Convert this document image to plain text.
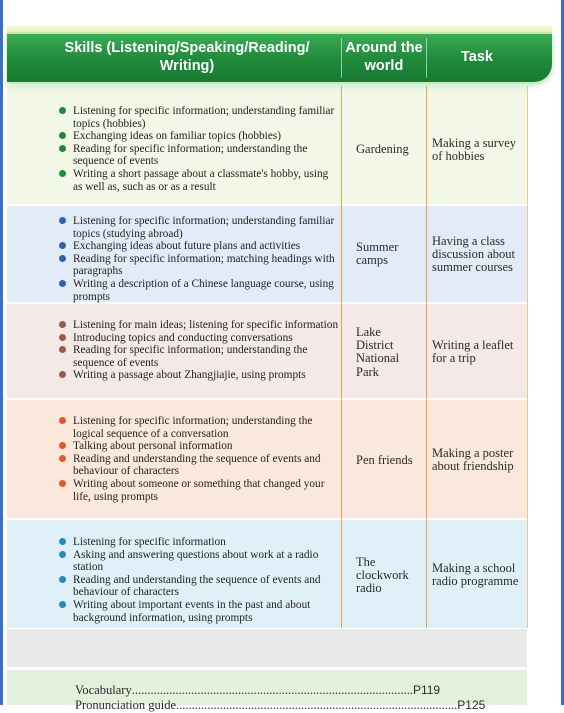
Skills (Listening/Speaking/Reading/ Writing)
Around the world
Task
Listening for specific information; understanding familiar topics (hobbies)
Exchanging ideas on familiar topics (hobbies)
Reading for specific information; understanding the sequence of events
Writing a short passage about a classmate's hobby, using as well as, such as or as a result
Gardening	Making a survey of hobbies
Listening for specific information; understanding familiar topics (studying abroad)
Exchanging ideas about future plans and activities
Reading for specific information; matching headings with paragraphs
Writing a description of a Chinese language course, using prompts
Summer camps
Having a class discussion about summer courses
Listening for main ideas; listening for specific information
Introducing topics and conducting conversations
Reading for specific information; understanding the sequence of events
Writing a passage about Zhangjiajie, using prompts
Lake District National Park
Writing a leaflet for a trip
Listening for specific information; understanding the logical sequence of a conversation
Talking about personal information
Reading and understanding the sequence of events and behaviour of characters
Writing about someone or something that changed your life, using prompts
Pen friends	Making a poster about friendship
Listening for specific information
Asking and answering questions about work at a radio station
Reading and understanding the sequence of events and behaviour of characters
Writing about important events in the past and about background information, using prompts
The clockwork radio
Making a school radio programme
Vocabulary .......................................................................................... P119
Pronunciation guide .......................................................................................... P125
